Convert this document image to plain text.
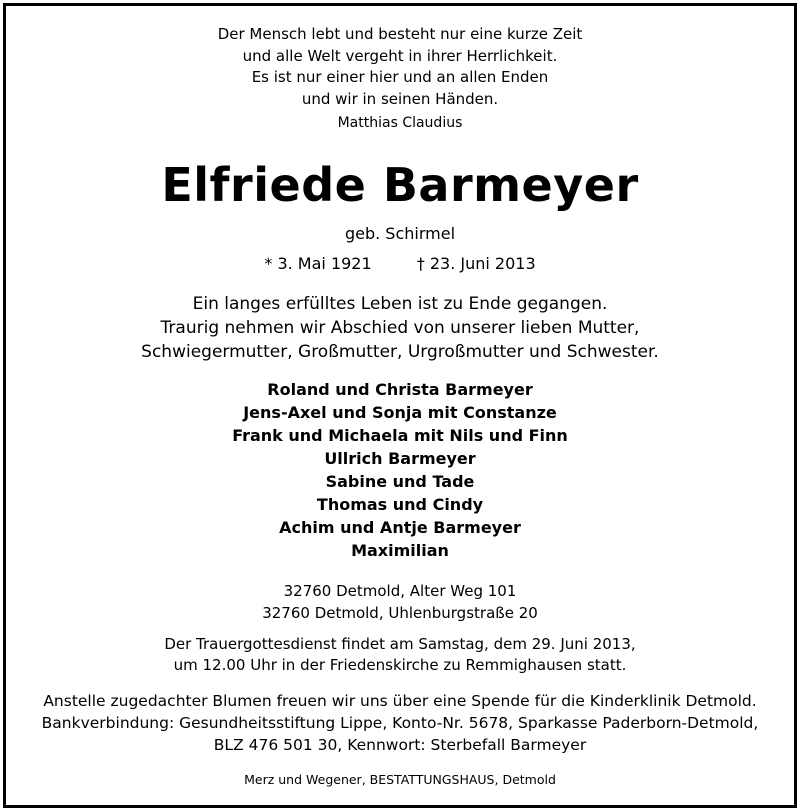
Der Mensch lebt und besteht nur eine kurze Zeit
und alle Welt vergeht in ihrer Herrlichkeit.
Es ist nur einer hier und an allen Enden
und wir in seinen Händen.
Matthias Claudius
Elfriede Barmeyer
geb. Schirmel
* 3. Mai 1921	† 23. Juni 2013
Ein langes erfülltes Leben ist zu Ende gegangen.
Traurig nehmen wir Abschied von unserer lieben Mutter,
Schwiegermutter, Großmutter, Urgroßmutter und Schwester.
Roland und Christa Barmeyer
Jens-Axel und Sonja mit Constanze
Frank und Michaela mit Nils und Finn
Ullrich Barmeyer
Sabine und Tade
Thomas und Cindy
Achim und Antje Barmeyer
Maximilian
32760 Detmold, Alter Weg 101
32760 Detmold, Uhlenburgstraße 20
Der Trauergottesdienst findet am Samstag, dem 29. Juni 2013,
um 12.00 Uhr in der Friedenskirche zu Remmighausen statt.
Anstelle zugedachter Blumen freuen wir uns über eine Spende für die Kinderklinik Detmold.
Bankverbindung: Gesundheitsstiftung Lippe, Konto-Nr. 5678, Sparkasse Paderborn-Detmold,
BLZ 476 501 30, Kennwort: Sterbefall Barmeyer
Merz und Wegener, BESTATTUNGSHAUS, Detmold
